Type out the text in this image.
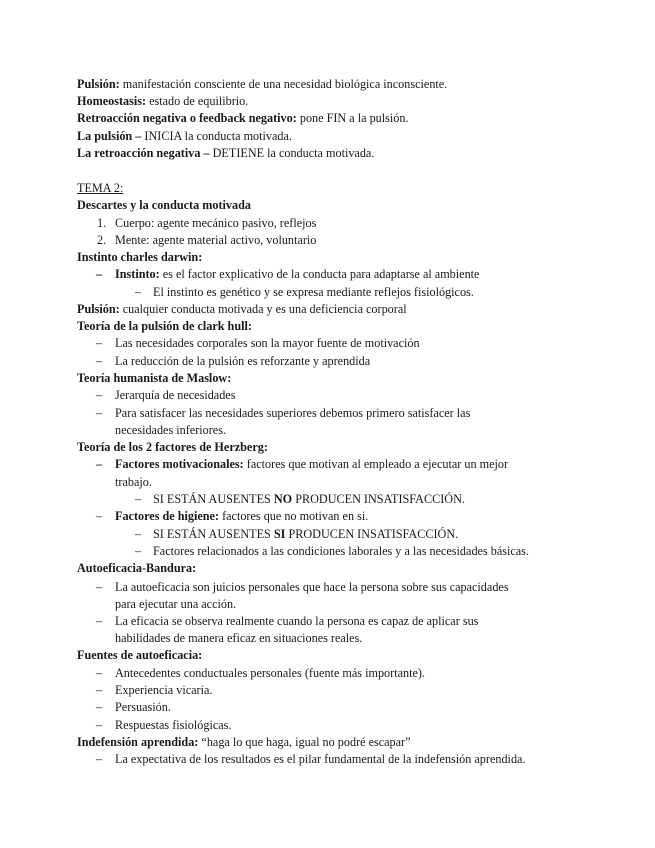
Pulsión: manifestación consciente de una necesidad biológica inconsciente.
Homeostasis: estado de equilibrio.
Retroacción negativa o feedback negativo: pone FIN a la pulsión.
La pulsión – INICIA la conducta motivada.
La retroacción negativa – DETIENE la conducta motivada.
TEMA 2:
Descartes y la conducta motivada
1. Cuerpo: agente mecánico pasivo, reflejos
2. Mente: agente material activo, voluntario
Instinto charles darwin:
– Instinto: es el factor explicativo de la conducta para adaptarse al ambiente
– El instinto es genético y se expresa mediante reflejos fisiológicos.
Pulsión: cualquier conducta motivada y es una deficiencia corporal
Teoría de la pulsión de clark hull:
– Las necesidades corporales son la mayor fuente de motivación
– La reducción de la pulsión es reforzante y aprendida
Teoría humanista de Maslow:
– Jerarquía de necesidades
– Para satisfacer las necesidades superiores debemos primero satisfacer las
necesidades inferiores.
Teoría de los 2 factores de Herzberg:
– Factores motivacionales: factores que motivan al empleado a ejecutar un mejor
trabajo.
– SI ESTÁN AUSENTES NO PRODUCEN INSATISFACCIÓN.
– Factores de higiene: factores que no motivan en si.
– SI ESTÁN AUSENTES SI PRODUCEN INSATISFACCIÓN.
– Factores relacionados a las condiciones laborales y a las necesidades básicas.
Autoeficacia-Bandura:
– La autoeficacia son juicios personales que hace la persona sobre sus capacidades
para ejecutar una acción.
– La eficacia se observa realmente cuando la persona es capaz de aplicar sus
habilidades de manera eficaz en situaciones reales.
Fuentes de autoeficacia:
– Antecedentes conductuales personales (fuente más importante).
– Experiencia vicaria.
– Persuasión.
– Respuestas fisiológicas.
Indefensión aprendida: “haga lo que haga, igual no podré escapar”
– La expectativa de los resultados es el pilar fundamental de la indefensión aprendida.
